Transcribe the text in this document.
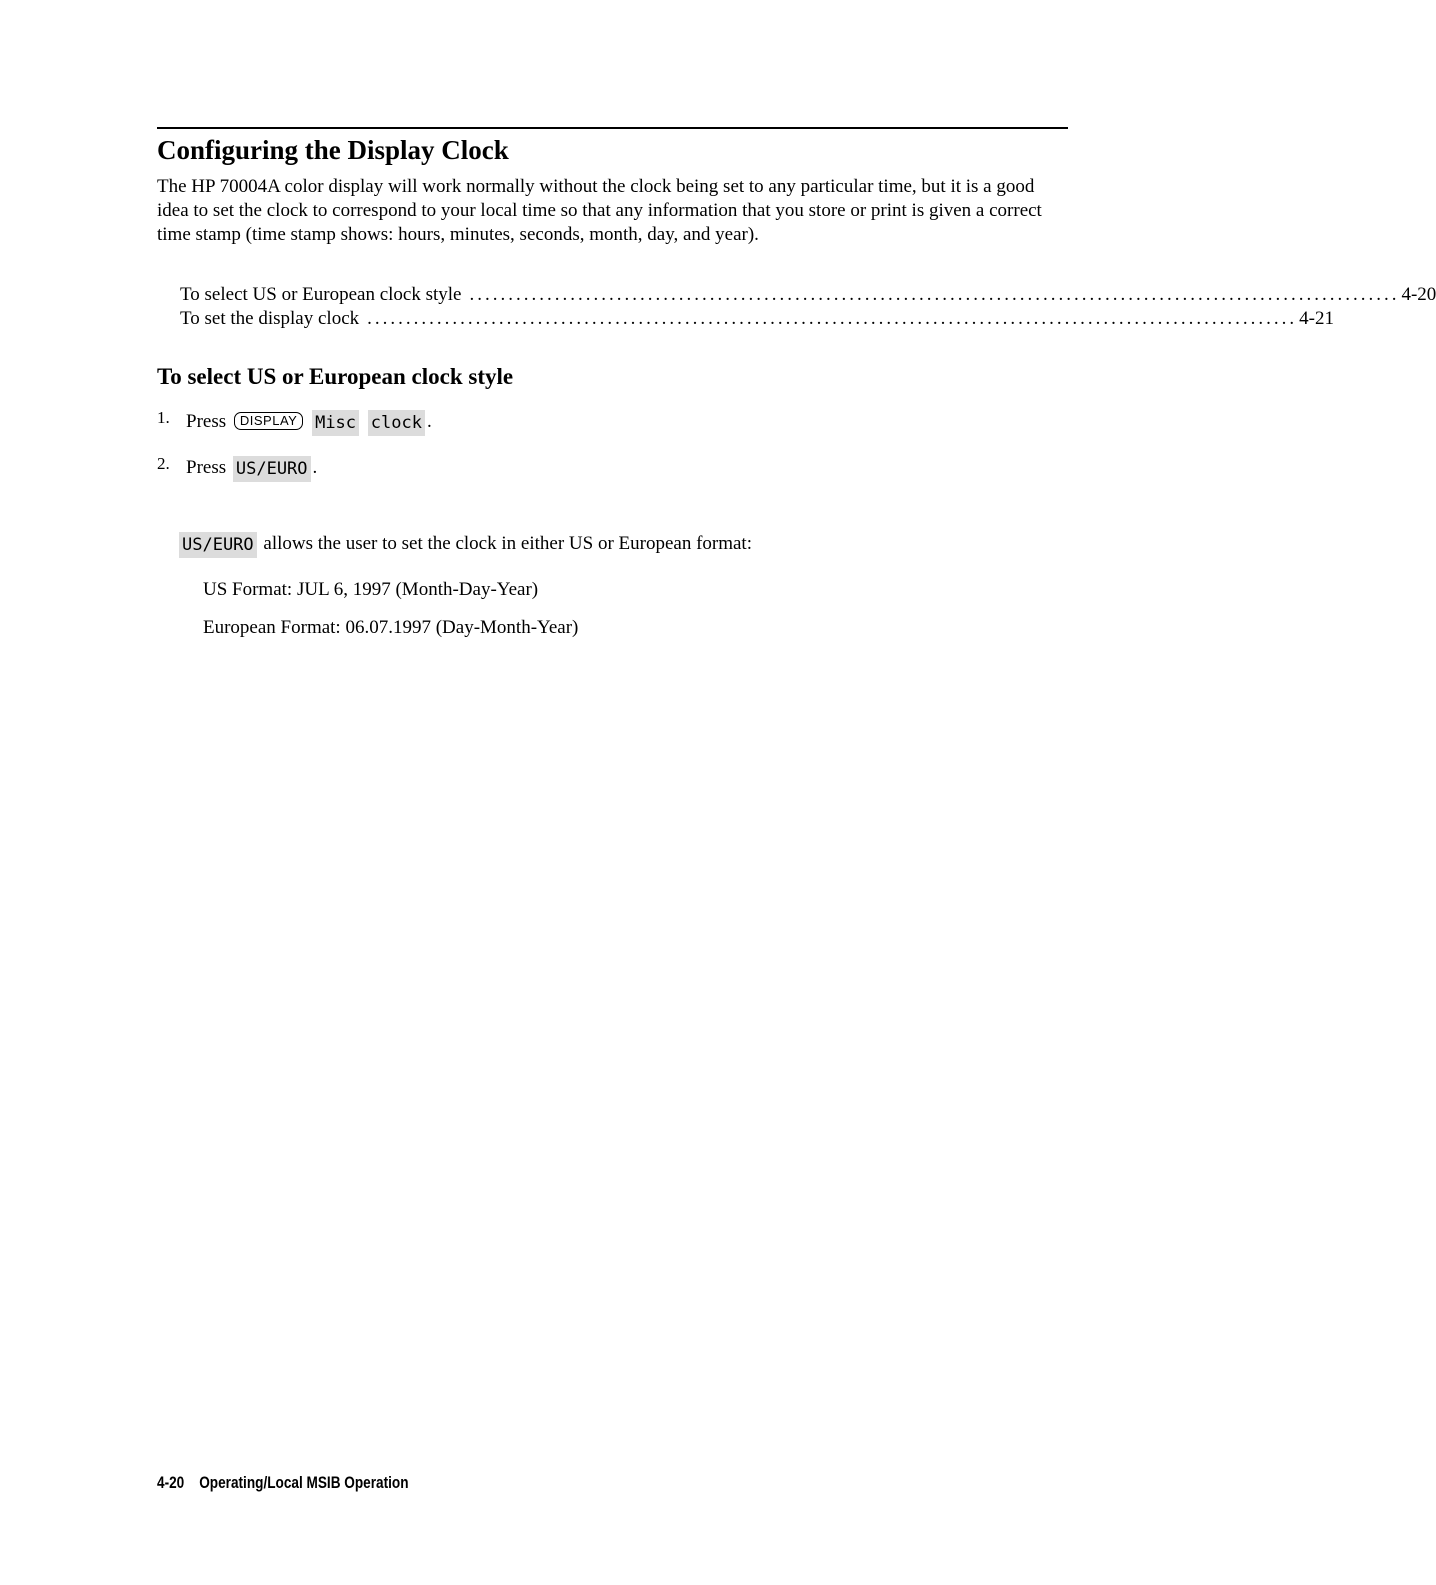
Configuring the Display Clock

The HP 70004A color display will work normally without the clock being set to any particular time, but it is a good idea to set the clock to correspond to your local time so that any information that you store or print is given a correct time stamp (time stamp shows: hours, minutes, seconds, month, day, and year).

To select US or European clock style ........................................................................................................................ 4-20
To set the display clock ........................................................................................................................ 4-21
To select US or European clock style
1. Press DISPLAY Misc clock .
2. Press US/EURO .
US/EURO allows the user to set the clock in either US or European format:
US Format: JUL 6, 1997 (Month-Day-Year)
European Format: 06.07.1997 (Day-Month-Year)
4-20 Operating/Local MSIB Operation
